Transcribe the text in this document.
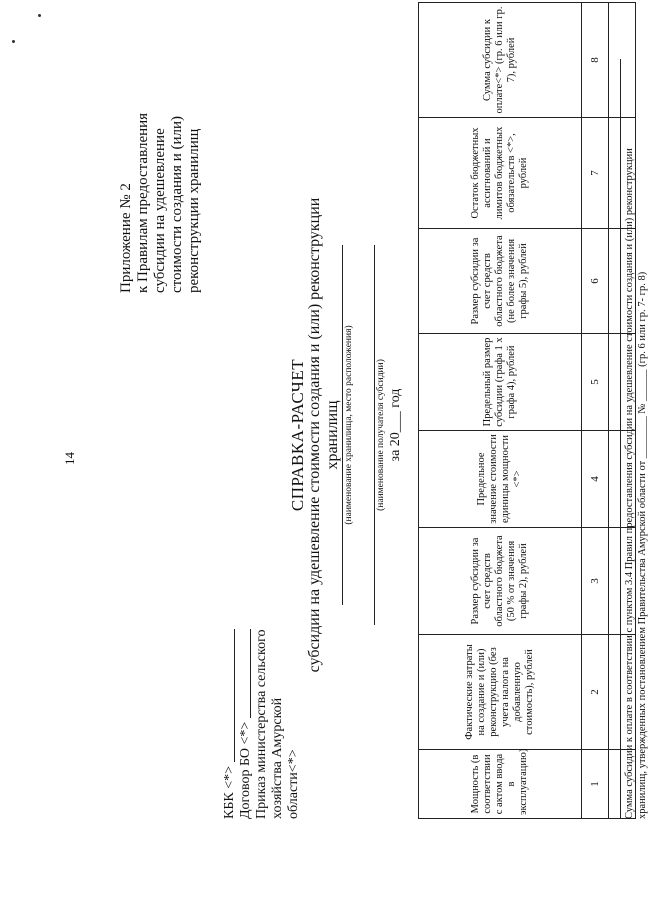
14
Приложение № 2 к Правилам предоставления субсидии на удешевление стоимости создания и (или) реконструкции хранилищ
КБК <*> Договор БО <*> Приказ министерства сельского хозяйства Амурской области<*>
СПРАВКА-РАСЧЕТ субсидии на удешевление стоимости создания и (или) реконструкции хранилищ (наименование хранилища, место расположения) (наименование получателя субсидии) за 20___ год
Мощность (в соответствии с актом ввода в эксплуатацию)	Фактические затраты на создание и (или) реконструкцию (без учета налога на добавленную стоимость), рублей	Размер субсидии за счет средств областного бюджета (50 % от значения графы 2), рублей	Предельное значение стоимости единицы мощности <*>	Предельный размер субсидии (графа 1 х графа 4), рублей	Размер субсидии за счет средств областного бюджета (не более значения графы 5), рублей	Остаток бюджетных ассигнований и лимитов бюджетных обязательств <*>, рублей	Сумма субсидии к оплате<*> (гр. 6 или гр. 7), рублей
1	2	3	4	5	6	7	8

Сумма субсидии к оплате в соответствии с пунктом 3.4 Правил предоставления субсидии на удешевление стоимости создания и (или) реконструкции хранилищ, утвержденных постановлением Правительства Амурской области от ________ № ______ (гр. 6 или гр. 7- гр. 8)
